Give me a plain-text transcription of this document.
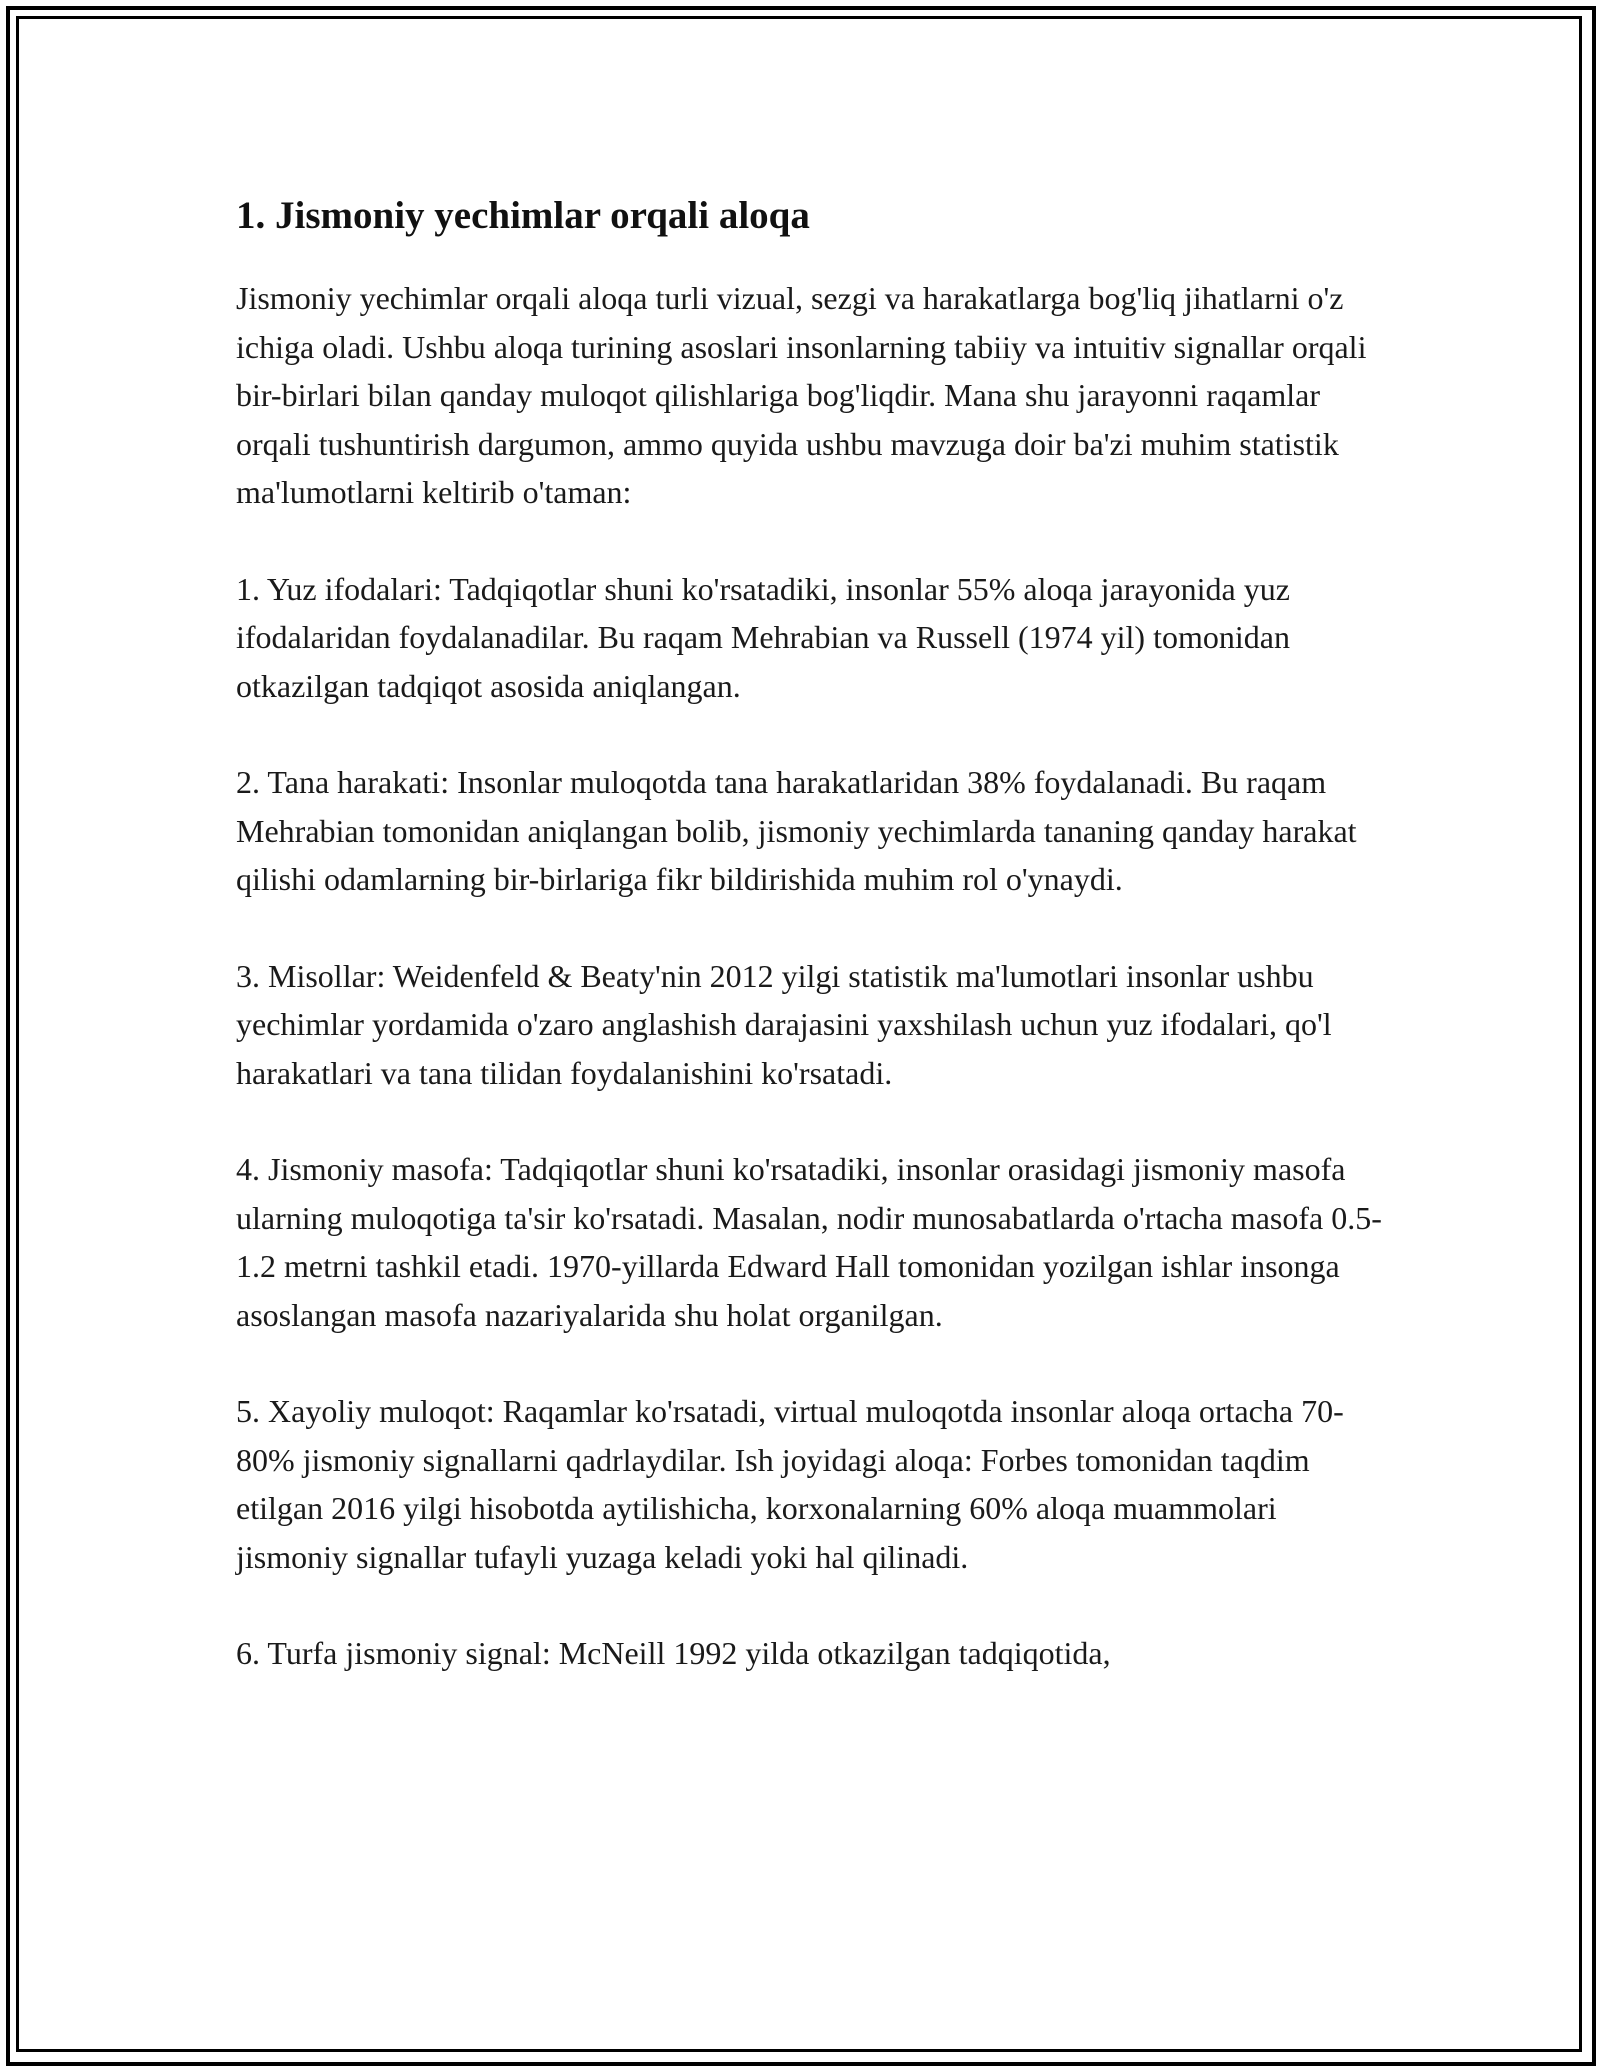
1. Jismoniy yechimlar orqali aloqa

Jismoniy yechimlar orqali aloqa turli vizual, sezgi va harakatlarga bog'liq jihatlarni o'z ichiga oladi. Ushbu aloqa turining asoslari insonlarning tabiiy va intuitiv signallar orqali bir-birlari bilan qanday muloqot qilishlariga bog'liqdir. Mana shu jarayonni raqamlar orqali tushuntirish dargumon, ammo quyida ushbu mavzuga doir ba'zi muhim statistik ma'lumotlarni keltirib o'taman:

1. Yuz ifodalari: Tadqiqotlar shuni ko'rsatadiki, insonlar 55% aloqa jarayonida yuz ifodalaridan foydalanadilar. Bu raqam Mehrabian va Russell (1974 yil) tomonidan otkazilgan tadqiqot asosida aniqlangan.

2. Tana harakati: Insonlar muloqotda tana harakatlaridan 38% foydalanadi. Bu raqam Mehrabian tomonidan aniqlangan bolib, jismoniy yechimlarda tananing qanday harakat qilishi odamlarning bir-birlariga fikr bildirishida muhim rol o'ynaydi.

3. Misollar: Weidenfeld & Beaty'nin 2012 yilgi statistik ma'lumotlari insonlar ushbu yechimlar yordamida o'zaro anglashish darajasini yaxshilash uchun yuz ifodalari, qo'l harakatlari va tana tilidan foydalanishini ko'rsatadi.

4. Jismoniy masofa: Tadqiqotlar shuni ko'rsatadiki, insonlar orasidagi jismoniy masofa ularning muloqotiga ta'sir ko'rsatadi. Masalan, nodir munosabatlarda o'rtacha masofa 0.5-1.2 metrni tashkil etadi. 1970-yillarda Edward Hall tomonidan yozilgan ishlar insonga asoslangan masofa nazariyalarida shu holat organilgan.

5. Xayoliy muloqot: Raqamlar ko'rsatadi, virtual muloqotda insonlar aloqa ortacha 70-80% jismoniy signallarni qadrlaydilar. Ish joyidagi aloqa: Forbes tomonidan taqdim etilgan 2016 yilgi hisobotda aytilishicha, korxonalarning 60% aloqa muammolari jismoniy signallar tufayli yuzaga keladi yoki hal qilinadi.

6. Turfa jismoniy signal: McNeill 1992 yilda otkazilgan tadqiqotida,
